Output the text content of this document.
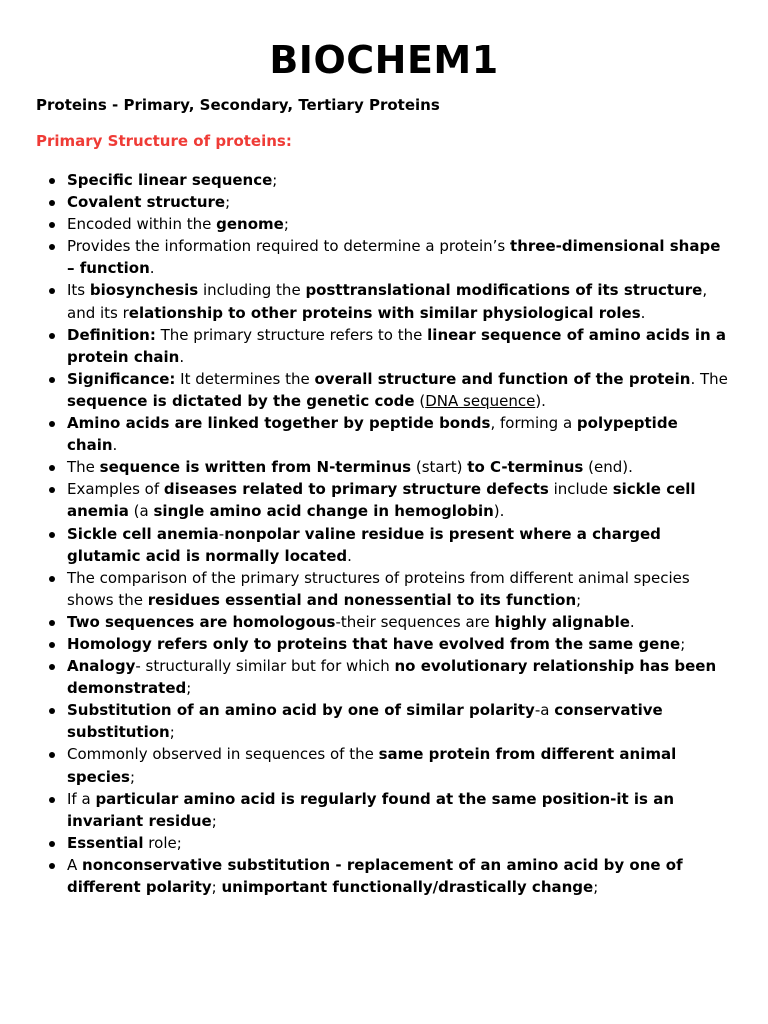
BIOCHEM1

Proteins - Primary, Secondary, Tertiary Proteins

Primary Structure of proteins:

Specific linear sequence;
Covalent structure;
Encoded within the genome;
Provides the information required to determine a protein’s three-dimensional shape – function.
Its biosynchesis including the posttranslational modifications of its structure, and its relationship to other proteins with similar physiological roles.
Definition: The primary structure refers to the linear sequence of amino acids in a protein chain.
Significance: It determines the overall structure and function of the protein. The sequence is dictated by the genetic code (DNA sequence).
Amino acids are linked together by peptide bonds, forming a polypeptide chain.
The sequence is written from N-terminus (start) to C-terminus (end).
Examples of diseases related to primary structure defects include sickle cell anemia (a single amino acid change in hemoglobin).
Sickle cell anemia-nonpolar valine residue is present where a charged glutamic acid is normally located.
The comparison of the primary structures of proteins from different animal species shows the residues essential and nonessential to its function;
Two sequences are homologous-their sequences are highly alignable.
Homology refers only to proteins that have evolved from the same gene;
Analogy- structurally similar but for which no evolutionary relationship has been demonstrated;
Substitution of an amino acid by one of similar polarity-a conservative substitution;
Commonly observed in sequences of the same protein from different animal species;
If a particular amino acid is regularly found at the same position-it is an invariant residue;
Essential role;
A nonconservative substitution - replacement of an amino acid by one of different polarity; unimportant functionally/drastically change;
